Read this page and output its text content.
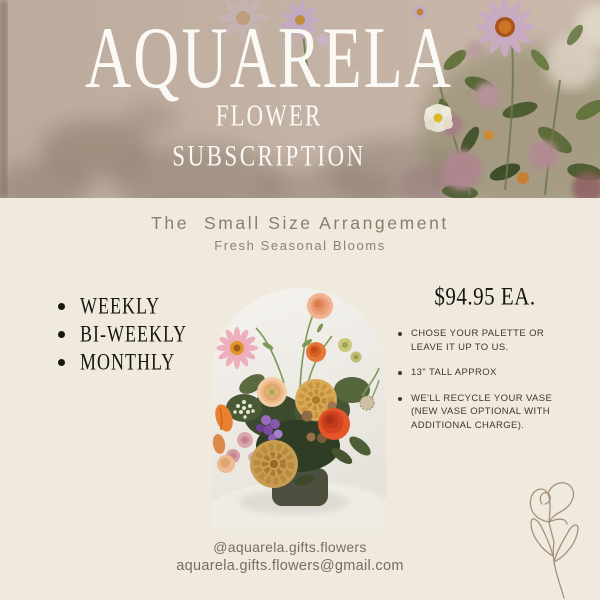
AQUARELA
FLOWER
SUBSCRIPTION
The  Small Size Arrangement
Fresh Seasonal Blooms
WEEKLY
BI-WEEKLY
MONTHLY
$94.95 EA.
CHOSE YOUR PALETTE OR LEAVE IT UP TO US.
13" TALL APPROX
WE'LL RECYCLE YOUR VASE (NEW VASE OPTIONAL WITH ADDITIONAL CHARGE).
@aquarela.gifts.flowers
aquarela.gifts.flowers@gmail.com
